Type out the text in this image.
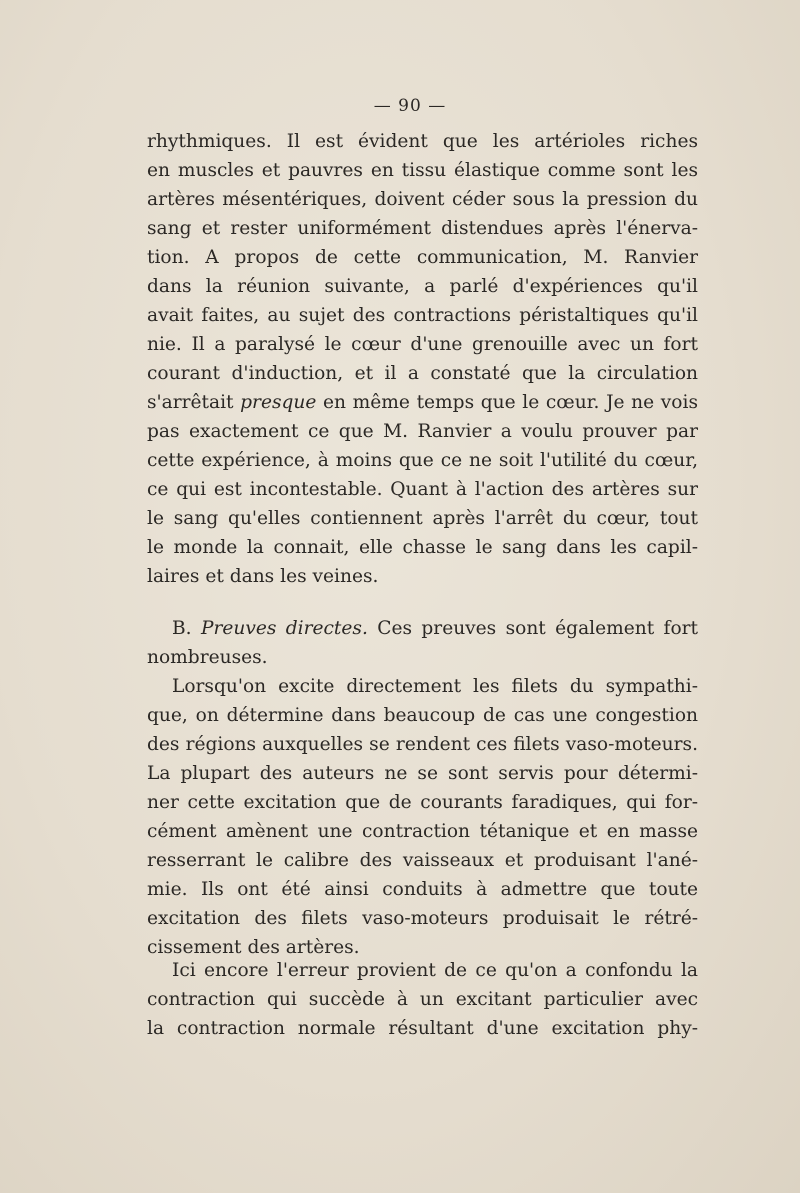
— 90 —
rhythmiques. Il est évident que les artérioles riches
en muscles et pauvres en tissu élastique comme sont les
artères mésentériques, doivent céder sous la pression du
sang et rester uniformément distendues après l'énerva-
tion. A propos de cette communication, M. Ranvier
dans la réunion suivante, a parlé d'expériences qu'il
avait faites, au sujet des contractions péristaltiques qu'il
nie. Il a paralysé le cœur d'une grenouille avec un fort
courant d'induction, et il a constaté que la circulation
s'arrêtait presque en même temps que le cœur. Je ne vois
pas exactement ce que M. Ranvier a voulu prouver par
cette expérience, à moins que ce ne soit l'utilité du cœur,
ce qui est incontestable. Quant à l'action des artères sur
le sang qu'elles contiennent après l'arrêt du cœur, tout
le monde la connait, elle chasse le sang dans les capil-
laires et dans les veines.
B. Preuves directes. Ces preuves sont également fort
nombreuses.
Lorsqu'on excite directement les filets du sympathi-
que, on détermine dans beaucoup de cas une congestion
des régions auxquelles se rendent ces filets vaso-moteurs.
La plupart des auteurs ne se sont servis pour détermi-
ner cette excitation que de courants faradiques, qui for-
cément amènent une contraction tétanique et en masse
resserrant le calibre des vaisseaux et produisant l'ané-
mie. Ils ont été ainsi conduits à admettre que toute
excitation des filets vaso-moteurs produisait le rétré-
cissement des artères.
Ici encore l'erreur provient de ce qu'on a confondu la
contraction qui succède à un excitant particulier avec
la contraction normale résultant d'une excitation phy-
